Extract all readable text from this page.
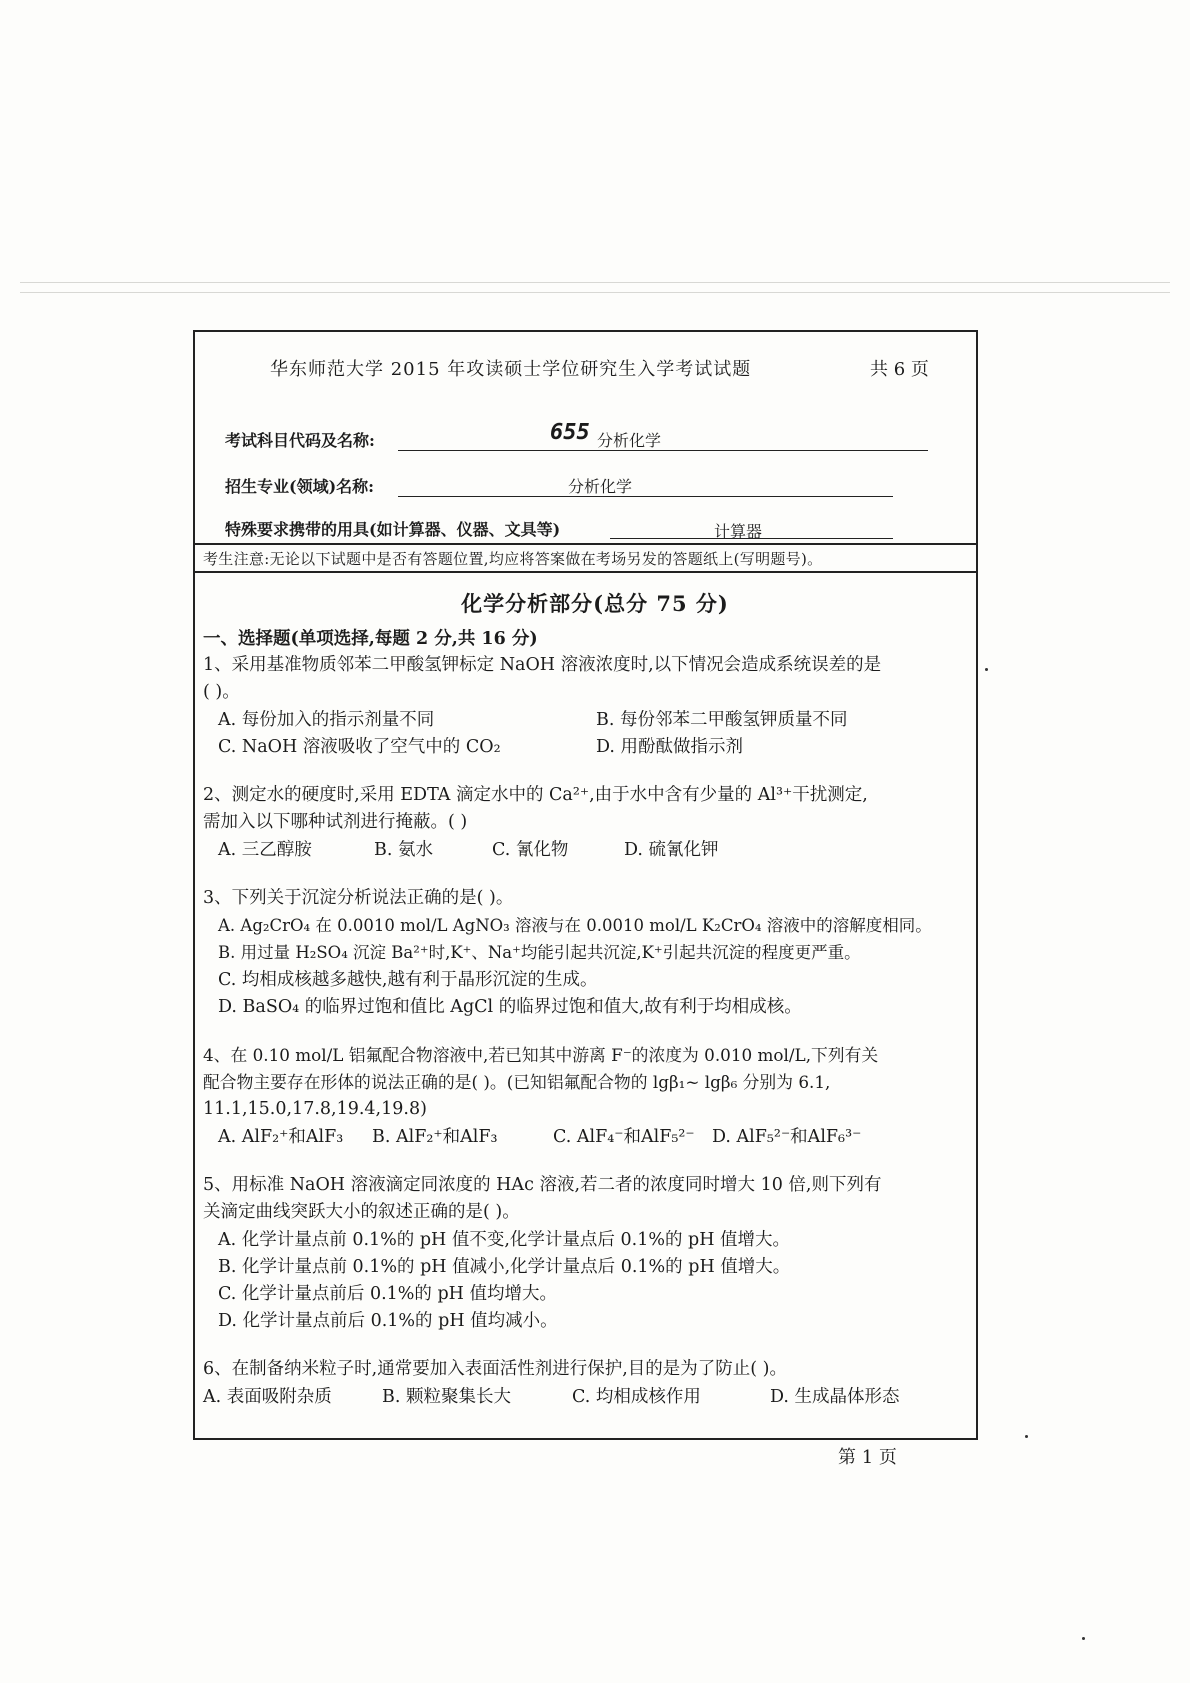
华东师范大学 2015 年攻读硕士学位研究生入学考试试题	共 6 页
考试科目代码及名称:	655 分析化学
招生专业(领域)名称:	分析化学
特殊要求携带的用具(如计算器、仪器、文具等)	计算器
考生注意:无论以下试题中是否有答题位置,均应将答案做在考场另发的答题纸上(写明题号)。
化学分析部分(总分 75 分)
一、选择题(单项选择,每题 2 分,共 16 分)
1、采用基准物质邻苯二甲酸氢钾标定 NaOH 溶液浓度时,以下情况会造成系统误差的是
( )。
A. 每份加入的指示剂量不同	B. 每份邻苯二甲酸氢钾质量不同
C. NaOH 溶液吸收了空气中的 CO₂	D. 用酚酞做指示剂
2、测定水的硬度时,采用 EDTA 滴定水中的 Ca²⁺,由于水中含有少量的 Al³⁺干扰测定,
需加入以下哪种试剂进行掩蔽。( )
A. 三乙醇胺	B. 氨水	C. 氰化物	D. 硫氰化钾
3、下列关于沉淀分析说法正确的是( )。
A. Ag₂CrO₄ 在 0.0010 mol/L AgNO₃ 溶液与在 0.0010 mol/L K₂CrO₄ 溶液中的溶解度相同。
B. 用过量 H₂SO₄ 沉淀 Ba²⁺时,K⁺、Na⁺均能引起共沉淀,K⁺引起共沉淀的程度更严重。
C. 均相成核越多越快,越有利于晶形沉淀的生成。
D. BaSO₄ 的临界过饱和值比 AgCl 的临界过饱和值大,故有利于均相成核。
4、在 0.10 mol/L 铝氟配合物溶液中,若已知其中游离 F⁻的浓度为 0.010 mol/L,下列有关
配合物主要存在形体的说法正确的是( )。(已知铝氟配合物的 lgβ₁~ lgβ₆ 分别为 6.1,
11.1,15.0,17.8,19.4,19.8)
A. AlF₂⁺和AlF₃ B. AlF₂⁺和AlF₃	C. AlF₄⁻和AlF₅²⁻ D. AlF₅²⁻和AlF₆³⁻
5、用标准 NaOH 溶液滴定同浓度的 HAc 溶液,若二者的浓度同时增大 10 倍,则下列有
关滴定曲线突跃大小的叙述正确的是( )。
A. 化学计量点前 0.1%的 pH 值不变,化学计量点后 0.1%的 pH 值增大。
B. 化学计量点前 0.1%的 pH 值减小,化学计量点后 0.1%的 pH 值增大。
C. 化学计量点前后 0.1%的 pH 值均增大。
D. 化学计量点前后 0.1%的 pH 值均减小。
6、在制备纳米粒子时,通常要加入表面活性剂进行保护,目的是为了防止( )。
A. 表面吸附杂质	B. 颗粒聚集长大	C. 均相成核作用	D. 生成晶体形态
第 1 页
